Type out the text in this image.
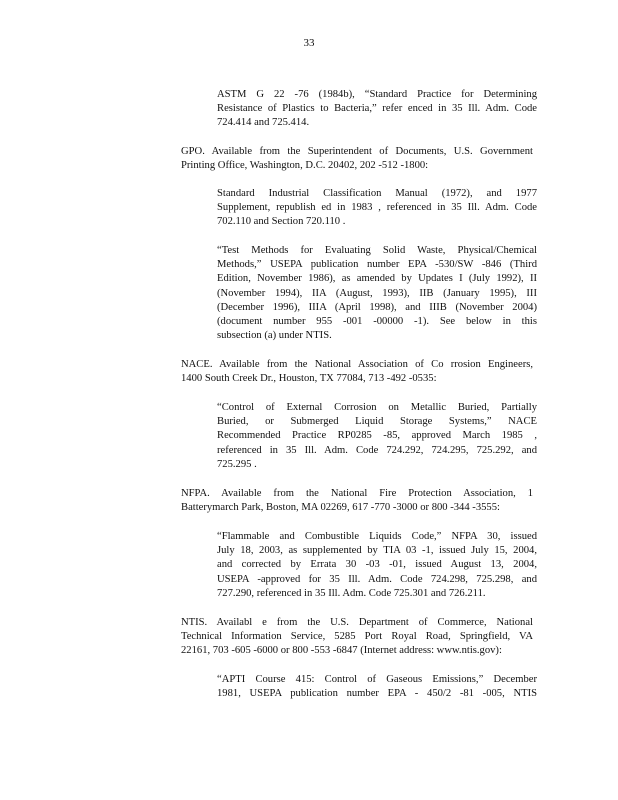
33
ASTM G 22 -76 (1984b), “Standard Practice for Determining
Resistance of Plastics to Bacteria,” refer enced in 35 Ill. Adm. Code
724.414 and 725.414.
GPO. Available from the Superintendent of Documents, U.S. Government
Printing Office, Washington, D.C. 20402, 202 -512 -1800:
Standard Industrial Classification Manual (1972), and 1977
Supplement, republish ed in 1983 , referenced in 35 Ill. Adm. Code
702.110 and Section 720.110 .
“Test Methods for Evaluating Solid Waste, Physical/Chemical
Methods,” USEPA publication number EPA -530/SW -846 (Third
Edition, November 1986), as amended by Updates I (July 1992), II
(November 1994), IIA (August, 1993), IIB (January 1995), III
(December 1996), IIIA (April 1998), and IIIB (November 2004)
(document number 955 -001 -00000 -1). See below in this
subsection (a) under NTIS.
NACE. Available from the National Association of Co rrosion Engineers,
1400 South Creek Dr., Houston, TX 77084, 713 -492 -0535:
“Control of External Corrosion on Metallic Buried, Partially
Buried, or Submerged Liquid Storage Systems,” NACE
Recommended Practice RP0285 -85, approved March 1985 ,
referenced in 35 Ill. Adm. Code 724.292, 724.295, 725.292, and
725.295 .
NFPA. Available from the National Fire Protection Association, 1
Batterymarch Park, Boston, MA 02269, 617 -770 -3000 or 800 -344 -3555:
“Flammable and Combustible Liquids Code,” NFPA 30, issued
July 18, 2003, as supplemented by TIA 03 -1, issued July 15, 2004,
and corrected by Errata 30 -03 -01, issued August 13, 2004,
USEPA -approved for 35 Ill. Adm. Code 724.298, 725.298, and
727.290, referenced in 35 Ill. Adm. Code 725.301 and 726.211.
NTIS. Availabl e from the U.S. Department of Commerce, National
Technical Information Service, 5285 Port Royal Road, Springfield, VA
22161, 703 -605 -6000 or 800 -553 -6847 (Internet address: www.ntis.gov):
“APTI Course 415: Control of Gaseous Emissions,” December
1981, USEPA publication number EPA - 450/2 -81 -005, NTIS
